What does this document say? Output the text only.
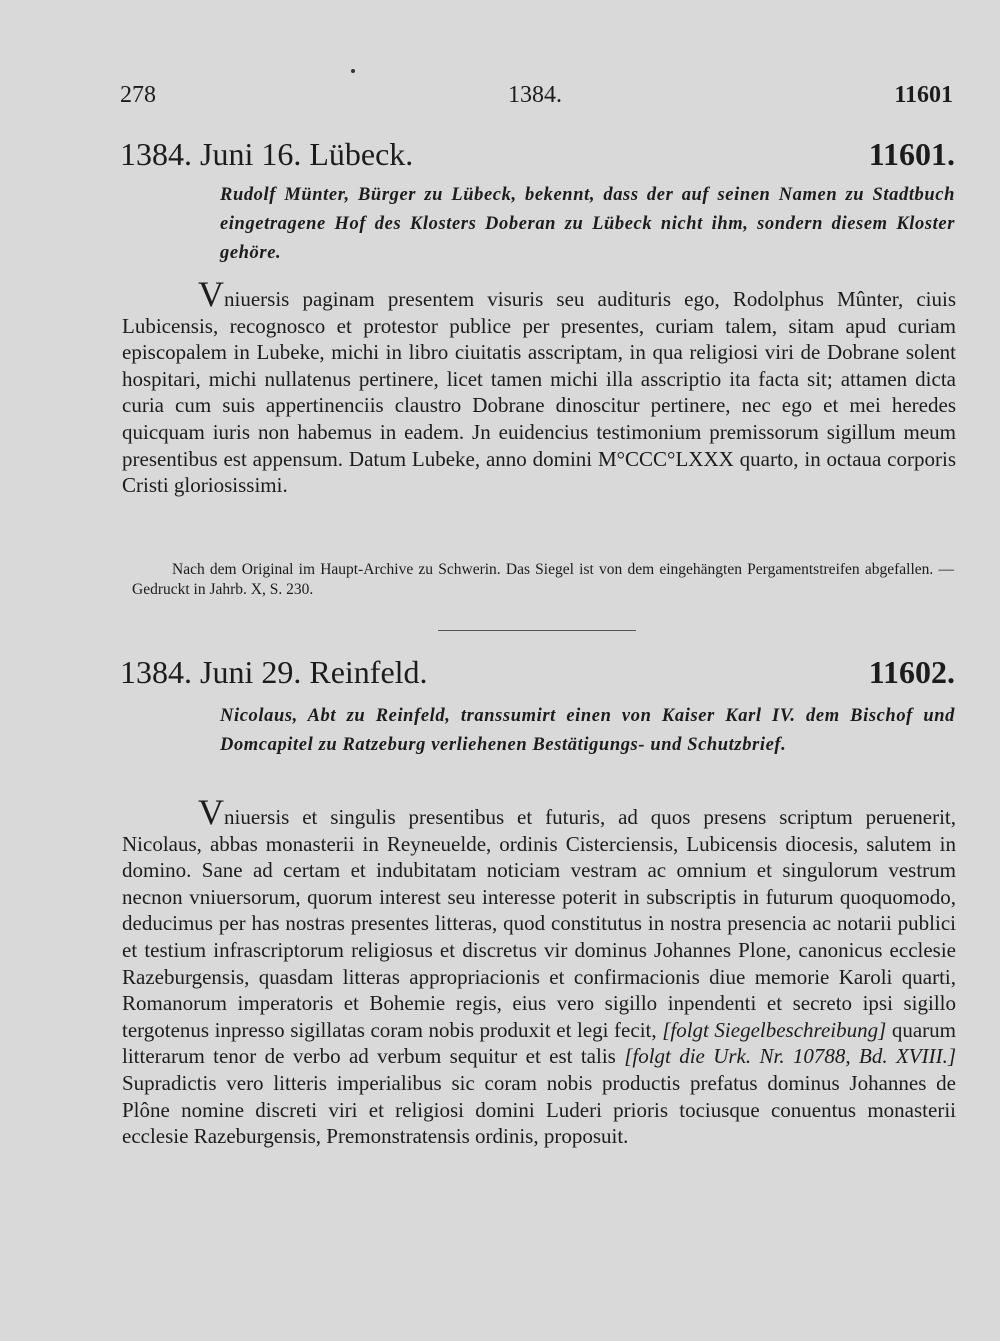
278	1384.	11601
1384. Juni 16. Lübeck.	11601.
Rudolf Münter, Bürger zu Lübeck, bekennt, dass der auf seinen Namen zu Stadtbuch eingetragene Hof des Klosters Doberan zu Lübeck nicht ihm, sondern diesem Kloster gehöre.
Vniuersis paginam presentem visuris seu audituris ego, Rodolphus Mûnter, ciuis Lubicensis, recognosco et protestor publice per presentes, curiam talem, sitam apud curiam episcopalem in Lubeke, michi in libro ciuitatis asscriptam, in qua religiosi viri de Dobrane solent hospitari, michi nullatenus pertinere, licet tamen michi illa asscriptio ita facta sit; attamen dicta curia cum suis appertinenciis claustro Dobrane dinoscitur pertinere, nec ego et mei heredes quicquam iuris non habemus in eadem. Jn euidencius testimonium premissorum sigillum meum presentibus est appensum. Datum Lubeke, anno domini M°CCC°LXXX quarto, in octaua corporis Cristi gloriosissimi.
Nach dem Original im Haupt-Archive zu Schwerin. Das Siegel ist von dem eingehängten Pergamentstreifen abgefallen. — Gedruckt in Jahrb. X, S. 230.
1384. Juni 29. Reinfeld.	11602.
Nicolaus, Abt zu Reinfeld, transsumirt einen von Kaiser Karl IV. dem Bischof und Domcapitel zu Ratzeburg verliehenen Bestätigungs- und Schutzbrief.
Vniuersis et singulis presentibus et futuris, ad quos presens scriptum peruenerit, Nicolaus, abbas monasterii in Reyneuelde, ordinis Cisterciensis, Lubicensis diocesis, salutem in domino. Sane ad certam et indubitatam noticiam vestram ac omnium et singulorum vestrum necnon vniuersorum, quorum interest seu interesse poterit in subscriptis in futurum quoquomodo, deducimus per has nostras presentes litteras, quod constitutus in nostra presencia ac notarii publici et testium infrascriptorum religiosus et discretus vir dominus Johannes Plone, canonicus ecclesie Razeburgensis, quasdam litteras appropriacionis et confirmacionis diue memorie Karoli quarti, Romanorum imperatoris et Bohemie regis, eius vero sigillo inpendenti et secreto ipsi sigillo tergotenus inpresso sigillatas coram nobis produxit et legi fecit, [folgt Siegelbeschreibung] quarum litterarum tenor de verbo ad verbum sequitur et est talis [folgt die Urk. Nr. 10788, Bd. XVIII.] Supradictis vero litteris imperialibus sic coram nobis productis prefatus dominus Johannes de Plône nomine discreti viri et religiosi domini Luderi prioris tociusque conuentus monasterii ecclesie Razeburgensis, Premonstratensis ordinis, proposuit.
